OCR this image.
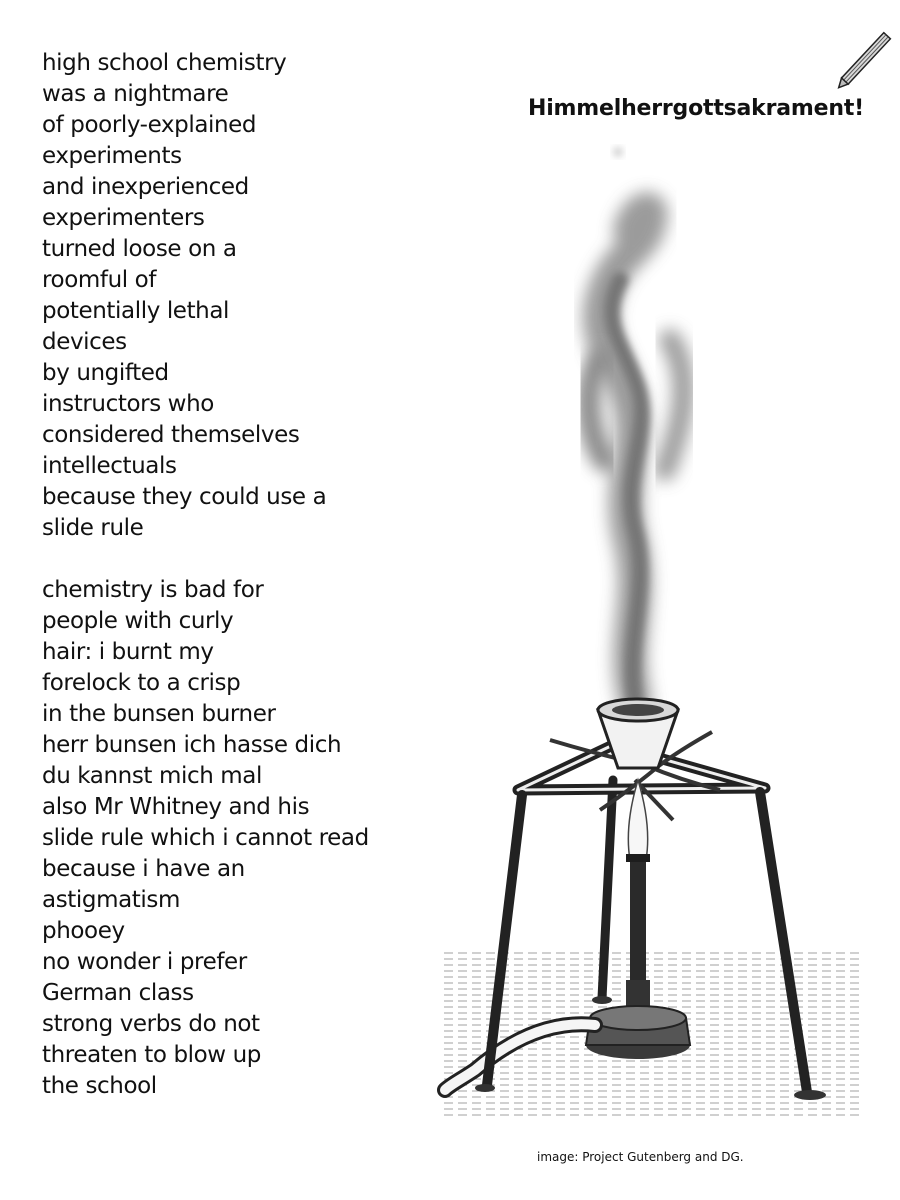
high school chemistry
was a nightmare
of poorly-explained
experiments
and inexperienced
experimenters
turned loose on a
roomful of
potentially lethal
devices
by ungifted
instructors who
considered themselves
intellectuals
because they could use a
slide rule
chemistry is bad for
people with curly
hair: i burnt my
forelock to a crisp
in the bunsen burner
herr bunsen ich hasse dich
du kannst mich mal
also Mr Whitney and his
slide rule which i cannot read
because i have an
astigmatism
phooey
no wonder i prefer
German class
strong verbs do not
threaten to blow up
the school
Himmelherrgottsakrament!
image: Project Gutenberg and DG.
